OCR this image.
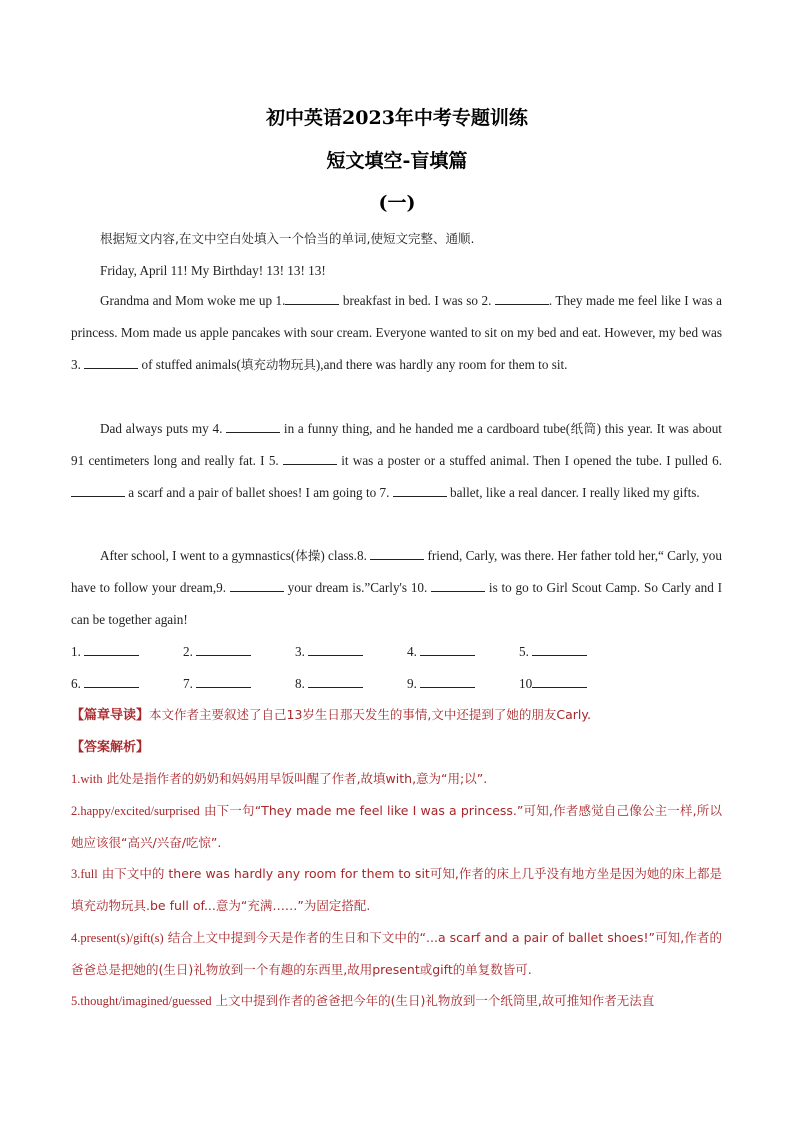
初中英语2023年中考专题训练
短文填空-盲填篇
(一)

根据短文内容,在文中空白处填入一个恰当的单词,使短文完整、通顺.

Friday, April 11! My Birthday! 13! 13! 13!

Grandma and Mom woke me up 1.	breakfast in bed. I was so 2.	. They made me feel like I was a princess. Mom made us apple pancakes with sour cream. Everyone wanted to sit on my bed and eat. However, my bed was 3.	of stuffed animals(填充动物玩具),and there was hardly any room for them to sit.

Dad always puts my 4.	in a funny thing, and he handed me a cardboard tube(纸筒) this year. It was about 91 centimeters long and really fat. I 5.	it was a poster or a stuffed animal. Then I opened the tube. I pulled 6.  a scarf and a pair of ballet shoes! I am going to 7.	ballet, like a real dancer. I really liked my gifts.

After school, I went to a gymnastics(体操) class.8.	friend, Carly, was there. Her father told her,“ Carly, you have to follow your dream,9.	your dream is.”Carly's 10.	is to go to Girl Scout Camp. So Carly and I can be together again!

1.	2.	3.	4.	5.
6.	7.	8.	9.	10

【篇章导读】本文作者主要叙述了自己13岁生日那天发生的事情,文中还提到了她的朋友Carly.

【答案解析】

1.with 此处是指作者的奶奶和妈妈用早饭叫醒了作者,故填with,意为“用;以”.

2.happy/excited/surprised 由下一句“They made me feel like I was a princess.”可知,作者感觉自己像公主一样,所以她应该很“高兴/兴奋/吃惊”.

3.full 由下文中的 there was hardly any room for them to sit可知,作者的床上几乎没有地方坐是因为她的床上都是填充动物玩具.be full of...意为“充满……”为固定搭配.

4.present(s)/gift(s) 结合上文中提到今天是作者的生日和下文中的“...a scarf and a pair of ballet shoes!”可知,作者的爸爸总是把她的(生日)礼物放到一个有趣的东西里,故用present或gift的单复数皆可.

5.thought/imagined/guessed 上文中提到作者的爸爸把今年的(生日)礼物放到一个纸筒里,故可推知作者无法直
